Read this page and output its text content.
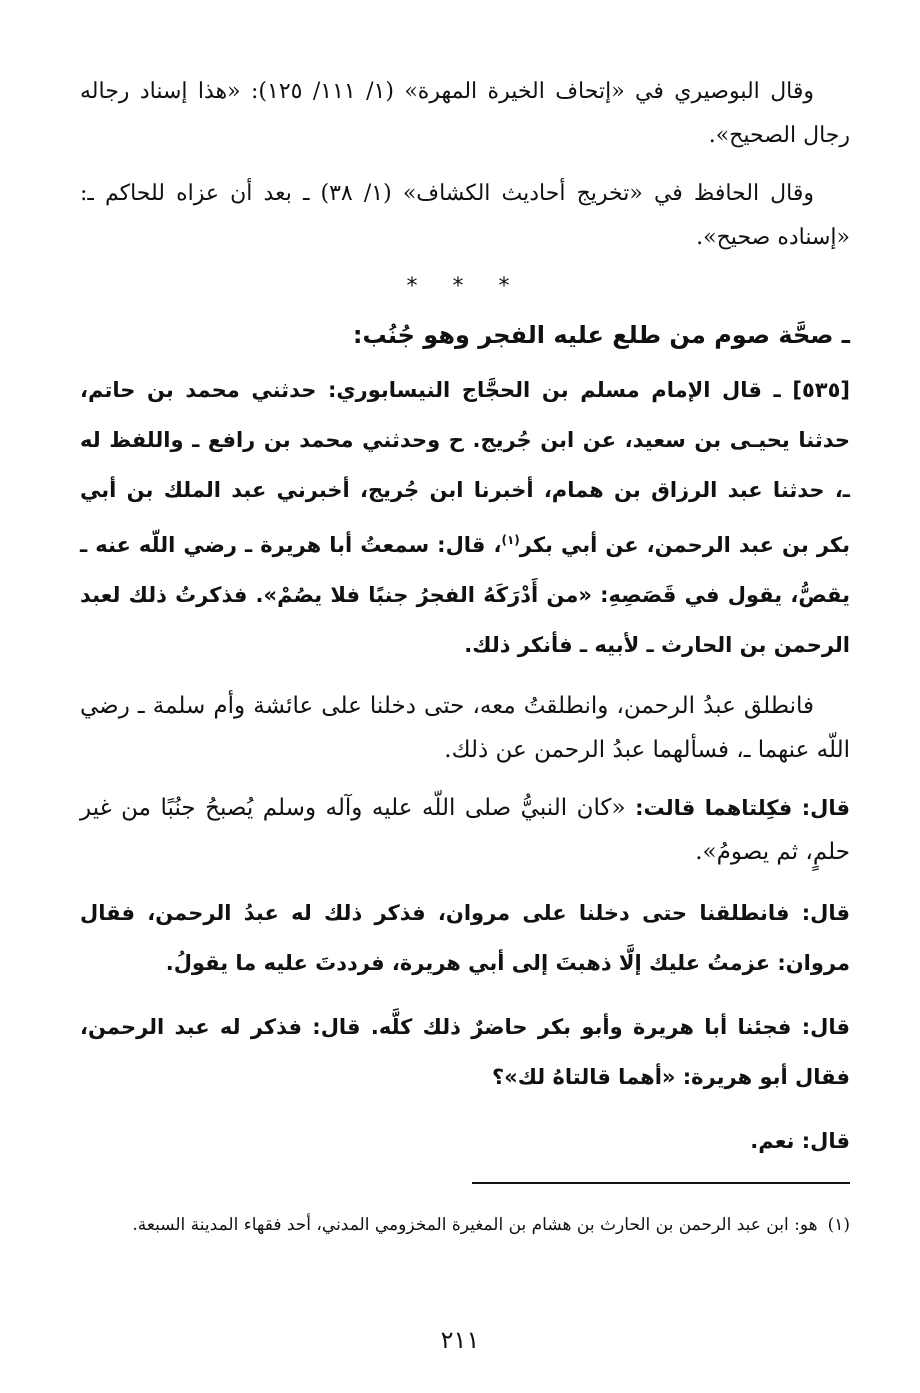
وقال البوصيري في «إتحاف الخيرة المهرة» (١/ ١١١/ ١٢٥): «هذا إسناد رجاله رجال الصحيح».

وقال الحافظ في «تخريج أحاديث الكشاف» (١/ ٣٨) ـ بعد أن عزاه للحاكم ـ: «إسناده صحيح».

* * *
ـ صحَّة صوم من طلع عليه الفجر وهو جُنُب:

[٥٣٥] ـ قال الإمام مسلم بن الحجَّاج النيسابوري: حدثني محمد بن حاتم، حدثنا يحيـى بن سعيد، عن ابن جُريج. ح وحدثني محمد بن رافع ـ واللفظ له ـ، حدثنا عبد الرزاق بن همام، أخبرنا ابن جُريج، أخبرني عبد الملك بن أبي بكر بن عبد الرحمن، عن أبي بكر$^{(١)}$، قال: سمعتُ أبا هريرة ـ رضي اللّه عنه ـ يقصُّ، يقول في قَصَصِهِ: «من أَدْرَكَهُ الفجرُ جنبًا فلا يصُمْ». فذكرتُ ذلك لعبد الرحمن بن الحارث ـ لأبيه ـ فأنكر ذلك.

فانطلق عبدُ الرحمن، وانطلقتُ معه، حتى دخلنا على عائشة وأم سلمة ـ رضي اللّه عنهما ـ، فسألهما عبدُ الرحمن عن ذلك.

قال: فكِلتاهما قالت: «كان النبيُّ صلى اللّه عليه وآله وسلم يُصبحُ جنُبًا من غير حلمٍ، ثم يصومُ».

قال: فانطلقنا حتى دخلنا على مروان، فذكر ذلك له عبدُ الرحمن، فقال مروان: عزمتُ عليك إلَّا ذهبتَ إلى أبي هريرة، فرددتَ عليه ما يقولُ.

قال: فجئنا أبا هريرة وأبو بكر حاضرٌ ذلك كلَّه. قال: فذكر له عبد الرحمن، فقال أبو هريرة: «أهما قالتاهُ لك»؟

قال: نعم.

(١)هو: ابن عبد الرحمن بن الحارث بن هشام بن المغيرة المخزومي المدني، أحد فقهاء المدينة السبعة.
٢١١
